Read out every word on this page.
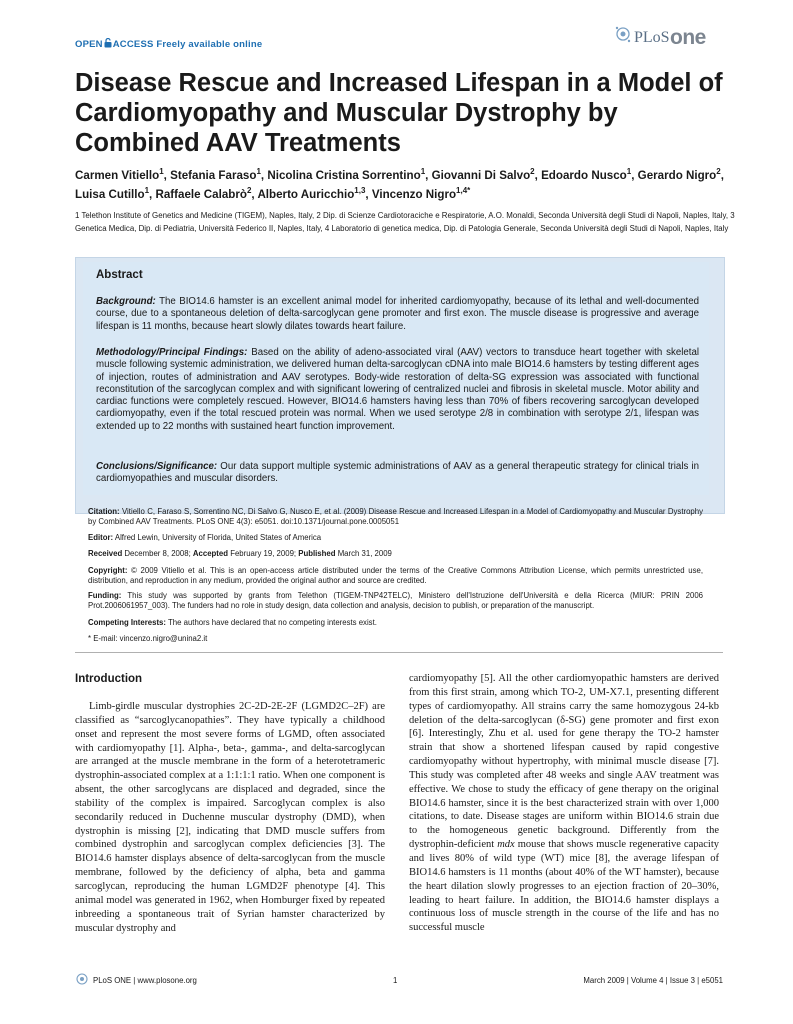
OPEN ACCESS Freely available online	PLoS one
Disease Rescue and Increased Lifespan in a Model of Cardiomyopathy and Muscular Dystrophy by Combined AAV Treatments
Carmen Vitiello$^1$, Stefania Faraso$^1$, Nicolina Cristina Sorrentino$^1$, Giovanni Di Salvo$^2$, Edoardo Nusco$^1$, Gerardo Nigro$^2$, Luisa Cutillo$^1$, Raffaele Calabrò$^2$, Alberto Auricchio$^{1,3}$, Vincenzo Nigro$^{1,4*}$
1 Telethon Institute of Genetics and Medicine (TIGEM), Naples, Italy, 2 Dip. di Scienze Cardiotoraciche e Respiratorie, A.O. Monaldi, Seconda Università degli Studi di Napoli, Naples, Italy, 3 Genetica Medica, Dip. di Pediatria, Università Federico II, Naples, Italy, 4 Laboratorio di genetica medica, Dip. di Patologia Generale, Seconda Università degli Studi di Napoli, Naples, Italy
Abstract
Background: The BIO14.6 hamster is an excellent animal model for inherited cardiomyopathy, because of its lethal and well-documented course, due to a spontaneous deletion of delta-sarcoglycan gene promoter and first exon. The muscle disease is progressive and average lifespan is 11 months, because heart slowly dilates towards heart failure.
Methodology/Principal Findings: Based on the ability of adeno-associated viral (AAV) vectors to transduce heart together with skeletal muscle following systemic administration, we delivered human delta-sarcoglycan cDNA into male BIO14.6 hamsters by testing different ages of injection, routes of administration and AAV serotypes. Body-wide restoration of delta-SG expression was associated with functional reconstitution of the sarcoglycan complex and with significant lowering of centralized nuclei and fibrosis in skeletal muscle. Motor ability and cardiac functions were completely rescued. However, BIO14.6 hamsters having less than 70% of fibers recovering sarcoglycan developed cardiomyopathy, even if the total rescued protein was normal. When we used serotype 2/8 in combination with serotype 2/1, lifespan was extended up to 22 months with sustained heart function improvement.
Conclusions/Significance: Our data support multiple systemic administrations of AAV as a general therapeutic strategy for clinical trials in cardiomyopathies and muscular disorders.
Citation: Vitiello C, Faraso S, Sorrentino NC, Di Salvo G, Nusco E, et al. (2009) Disease Rescue and Increased Lifespan in a Model of Cardiomyopathy and Muscular Dystrophy by Combined AAV Treatments. PLoS ONE 4(3): e5051. doi:10.1371/journal.pone.0005051
Editor: Alfred Lewin, University of Florida, United States of America
Received December 8, 2008; Accepted February 19, 2009; Published March 31, 2009
Copyright: © 2009 Vitiello et al. This is an open-access article distributed under the terms of the Creative Commons Attribution License, which permits unrestricted use, distribution, and reproduction in any medium, provided the original author and source are credited.
Funding: This study was supported by grants from Telethon (TIGEM-TNP42TELC), Ministero dell'Istruzione dell'Università e della Ricerca (MIUR: PRIN 2006 Prot.2006061957_003). The funders had no role in study design, data collection and analysis, decision to publish, or preparation of the manuscript.
Competing Interests: The authors have declared that no competing interests exist.
* E-mail: vincenzo.nigro@unina2.it
Introduction
Limb-girdle muscular dystrophies 2C-2D-2E-2F (LGMD2C–2F) are classified as “sarcoglycanopathies”. They have typically a childhood onset and represent the most severe forms of LGMD, often associated with cardiomyopathy [1]. Alpha-, beta-, gamma-, and delta-sarcoglycan are arranged at the muscle membrane in the form of a heterotetrameric dystrophin-associated complex at a 1:1:1:1 ratio. When one component is absent, the other sarcoglycans are displaced and degraded, since the stability of the complex is impaired. Sarcoglycan complex is also secondarily reduced in Duchenne muscular dystrophy (DMD), when dystrophin is missing [2], indicating that DMD muscle suffers from combined dystrophin and sarcoglycan complex deficiencies [3]. The BIO14.6 hamster displays absence of delta-sarcoglycan from the muscle membrane, followed by the deficiency of alpha, beta and gamma sarcoglycan, reproducing the human LGMD2F phenotype [4]. This animal model was generated in 1962, when Homburger fixed by repeated inbreeding a spontaneous trait of Syrian hamster characterized by muscular dystrophy and
cardiomyopathy [5]. All the other cardiomyopathic hamsters are derived from this first strain, among which TO-2, UM-X7.1, presenting different types of cardiomyopathy. All strains carry the same homozygous 24-kb deletion of the delta-sarcoglycan (δ-SG) gene promoter and first exon [6]. Interestingly, Zhu et al. used for gene therapy the TO-2 hamster strain that show a shortened lifespan caused by rapid congestive cardiomyopathy without hypertrophy, with minimal muscle disease [7]. This study was completed after 48 weeks and single AAV treatment was effective. We chose to study the efficacy of gene therapy on the original BIO14.6 hamster, since it is the best characterized strain with over 1,000 citations, to date. Disease stages are uniform within BIO14.6 strain due to the homogeneous genetic background. Differently from the dystrophin-deficient mdx mouse that shows muscle regenerative capacity and lives 80% of wild type (WT) mice [8], the average lifespan of BIO14.6 hamsters is 11 months (about 40% of the WT hamster), because the heart dilation slowly progresses to an ejection fraction of 20–30%, leading to heart failure. In addition, the BIO14.6 hamster displays a continuous loss of muscle strength in the course of the life and has no successful muscle
PLoS ONE | www.plosone.org	1	March 2009 | Volume 4 | Issue 3 | e5051
